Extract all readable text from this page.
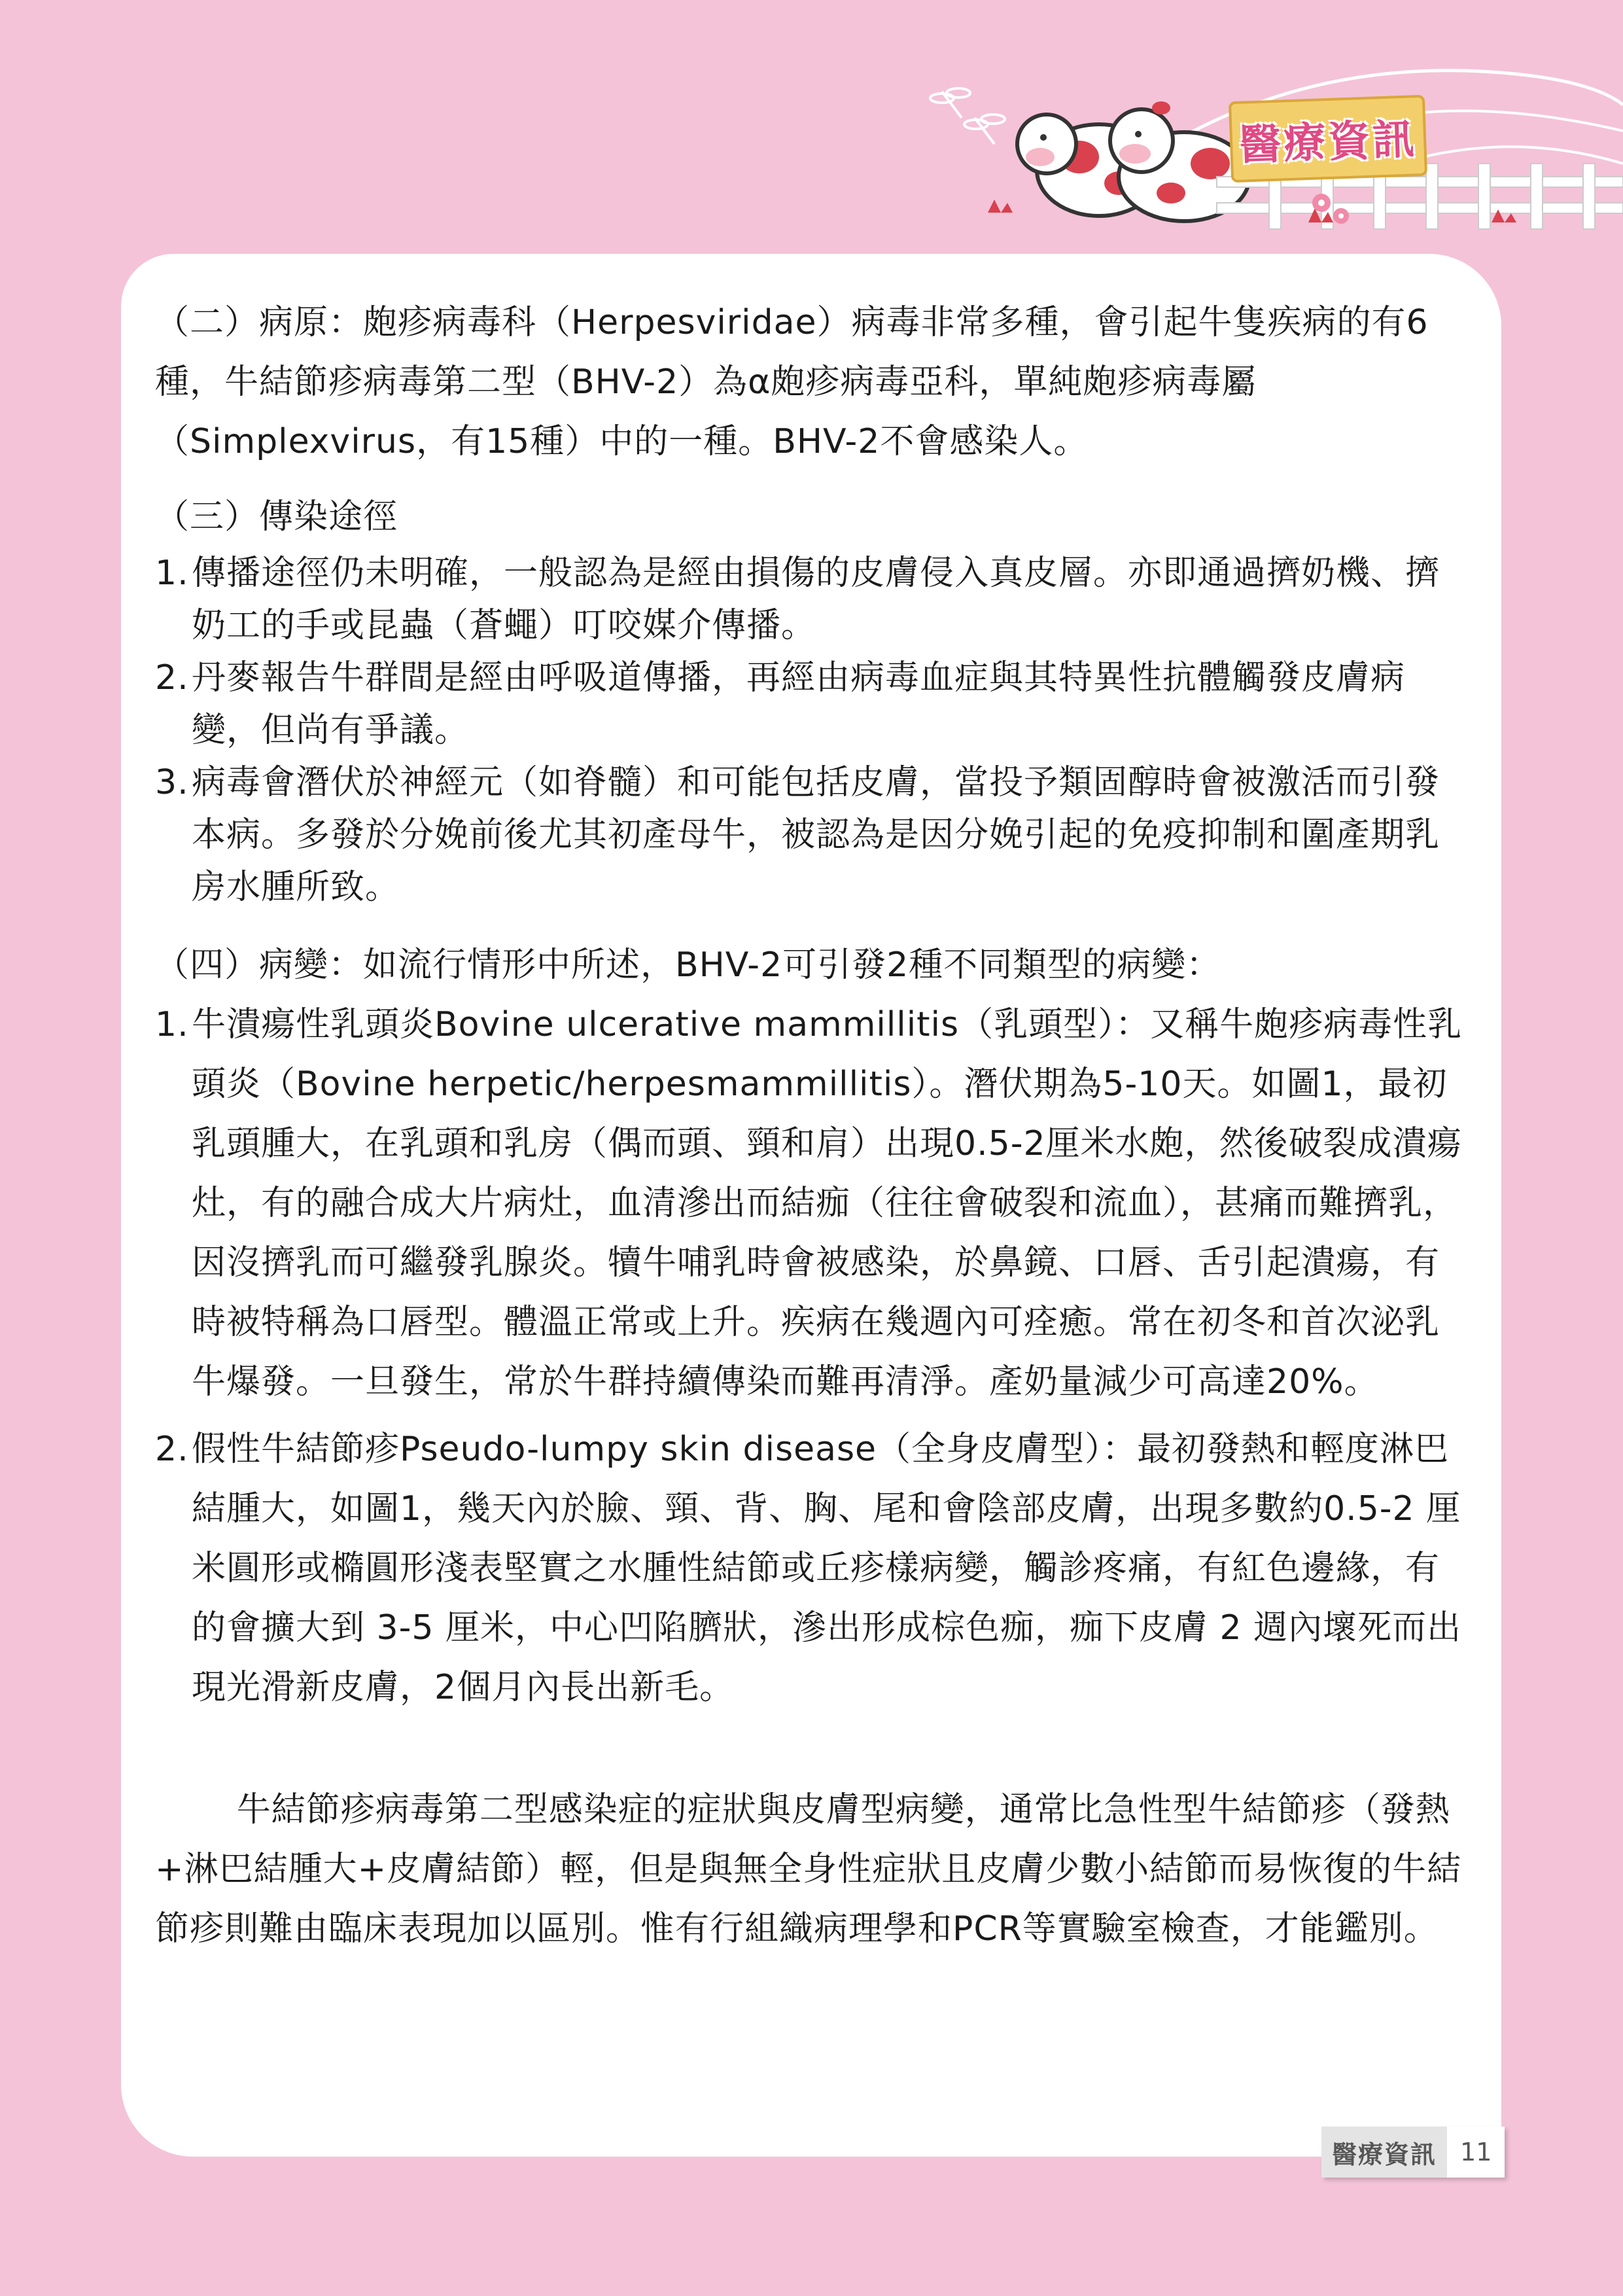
醫療資訊

（二）病原：皰疹病毒科（Herpesviridae）病毒非常多種，會引起牛隻疾病的有6種，牛結節疹病毒第二型（BHV-2）為α皰疹病毒亞科，單純皰疹病毒屬（Simplexvirus，有15種）中的一種。BHV-2不會感染人。

（三）傳染途徑

1. 傳播途徑仍未明確，一般認為是經由損傷的皮膚侵入真皮層。亦即通過擠奶機、擠奶工的手或昆蟲（蒼蠅）叮咬媒介傳播。
2. 丹麥報告牛群間是經由呼吸道傳播，再經由病毒血症與其特異性抗體觸發皮膚病變，但尚有爭議。
3. 病毒會潛伏於神經元（如脊髓）和可能包括皮膚，當投予類固醇時會被激活而引發本病。多發於分娩前後尤其初產母牛，被認為是因分娩引起的免疫抑制和圍產期乳房水腫所致。

（四）病變：如流行情形中所述，BHV-2可引發2種不同類型的病變：

1. 牛潰瘍性乳頭炎Bovine ulcerative mammillitis（乳頭型）：又稱牛皰疹病毒性乳頭炎（Bovine herpetic/herpesmammillitis）。潛伏期為5-10天。如圖1，最初乳頭腫大，在乳頭和乳房（偶而頭、頸和肩）出現0.5-2厘米水皰，然後破裂成潰瘍灶，有的融合成大片病灶，血清滲出而結痂（往往會破裂和流血），甚痛而難擠乳，因沒擠乳而可繼發乳腺炎。犢牛哺乳時會被感染，於鼻鏡、口唇、舌引起潰瘍，有時被特稱為口唇型。體溫正常或上升。疾病在幾週內可痊癒。常在初冬和首次泌乳牛爆發。一旦發生，常於牛群持續傳染而難再清淨。產奶量減少可高達20%。
2. 假性牛結節疹Pseudo-lumpy skin disease（全身皮膚型）：最初發熱和輕度淋巴結腫大，如圖1，幾天內於臉、頸、背、胸、尾和會陰部皮膚，出現多數約0.5-2 厘米圓形或橢圓形淺表堅實之水腫性結節或丘疹樣病變，觸診疼痛，有紅色邊緣，有的會擴大到 3-5 厘米，中心凹陷臍狀，滲出形成棕色痂，痂下皮膚 2 週內壞死而出現光滑新皮膚，2個月內長出新毛。

牛結節疹病毒第二型感染症的症狀與皮膚型病變，通常比急性型牛結節疹（發熱+淋巴結腫大+皮膚結節）輕，但是與無全身性症狀且皮膚少數小結節而易恢復的牛結節疹則難由臨床表現加以區別。惟有行組織病理學和PCR等實驗室檢查，才能鑑別。

醫療資訊 11
